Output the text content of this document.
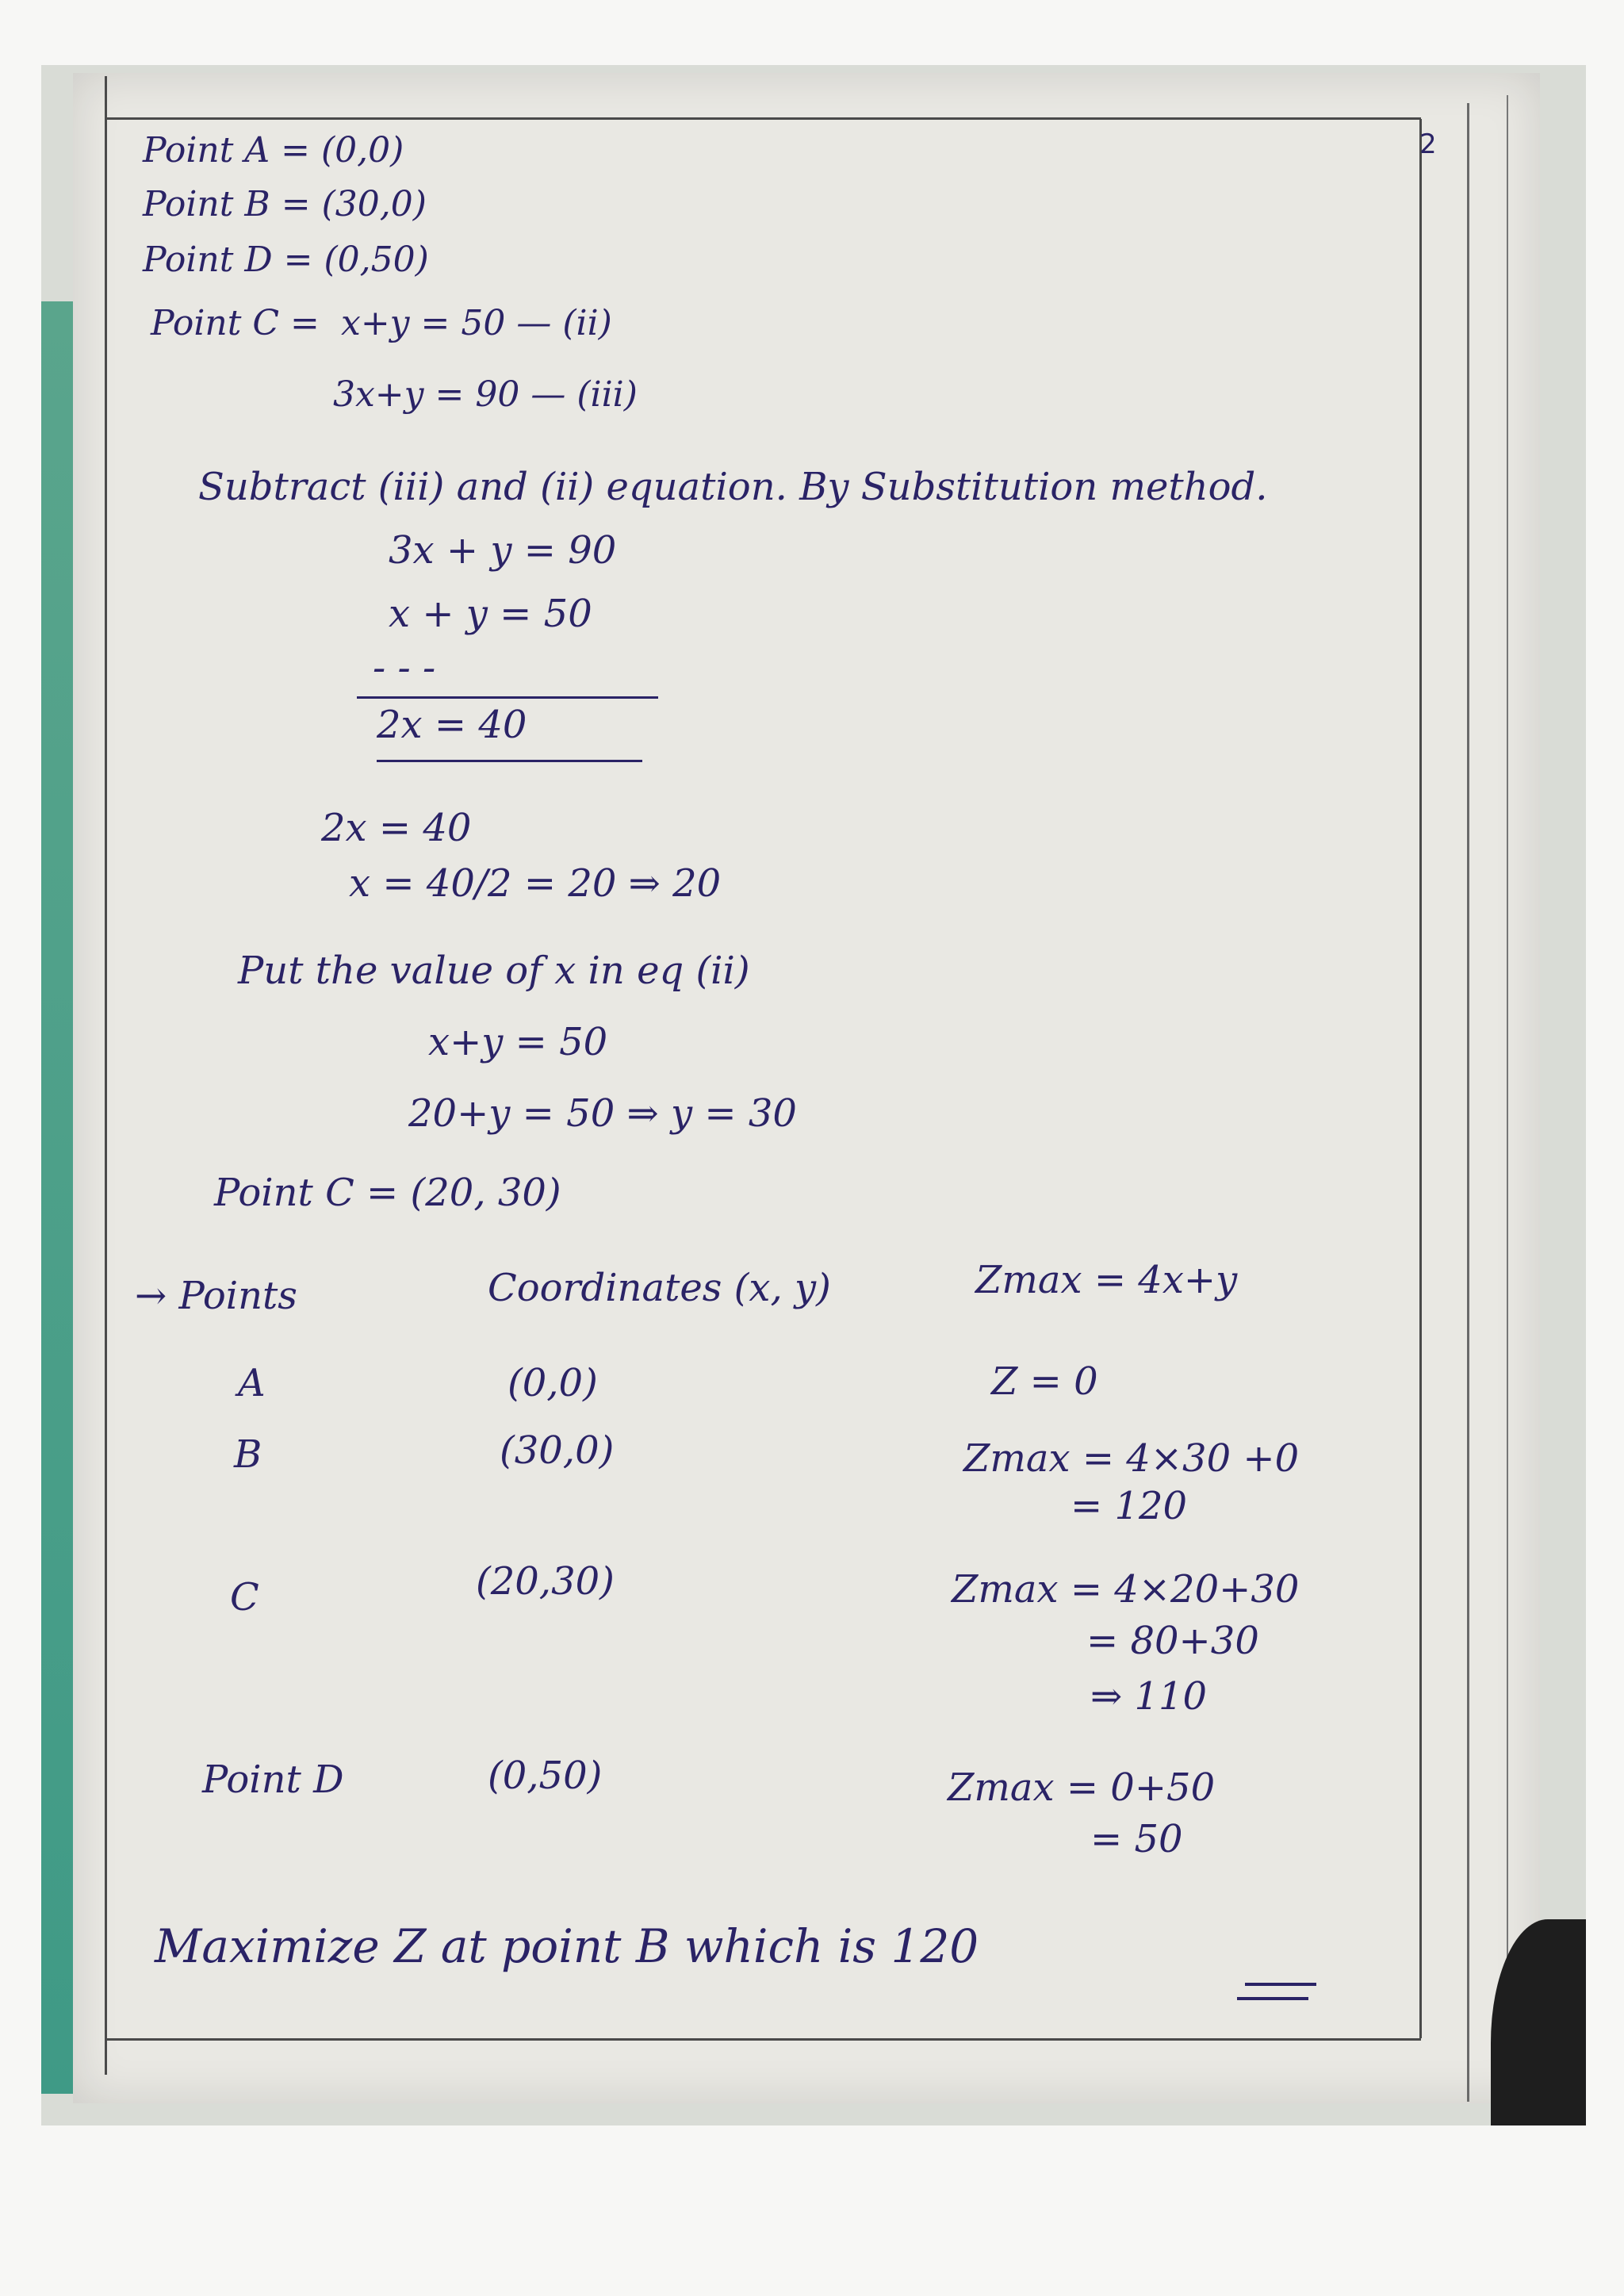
2
Point A = (0,0)
Point B = (30,0)
Point D = (0,50)
Point C = x+y = 50 — (ii)
3x+y = 90 — (iii)
Subtract (iii) and (ii) equation. By Substitution method.
3x + y = 90
x + y = 50
- - -
2x = 40
2x = 40
x = 40/2 = 20 ⇒ 20
Put the value of x in eq (ii)
x+y = 50
20+y = 50 ⇒ y = 30
Point C = (20, 30)
→ Points	Coordinates (x, y)	Zmax = 4x+y
A	(0,0)	Z = 0
B	(30,0)	Zmax = 4×30 +0
= 120
C	(20,30)	Zmax = 4×20+30
= 80+30
⇒ 110
Point D	(0,50)	Zmax = 0+50
= 50
Maximize Z at point B which is 120
